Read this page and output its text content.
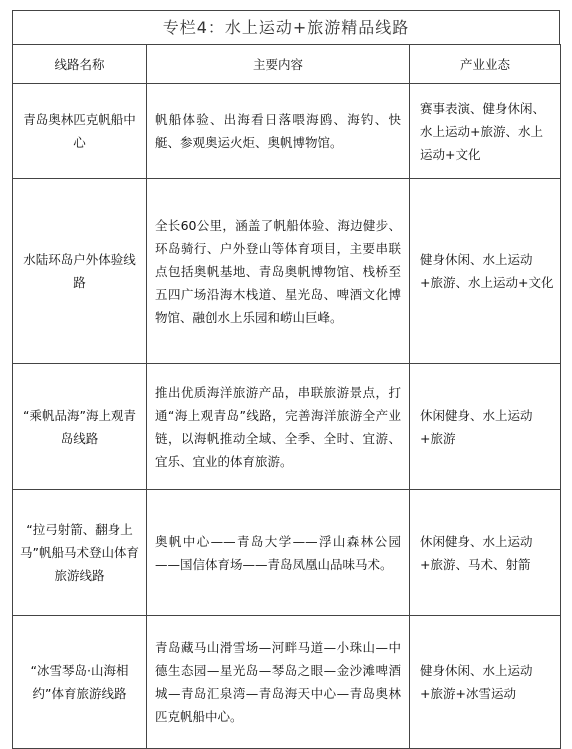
专栏4：水上运动+旅游精品线路
线路名称	主要内容	产业业态
青岛奥林匹克帆船中心	帆船体验、出海看日落喂海鸥、海钓、快艇、参观奥运火炬、奥帆博物馆。	赛事表演、健身休闲、水上运动+旅游、水上运动+文化
水陆环岛户外体验线路	全长60公里，涵盖了帆船体验、海边健步、环岛骑行、户外登山等体育项目，主要串联点包括奥帆基地、青岛奥帆博物馆、栈桥至五四广场沿海木栈道、星光岛、啤酒文化博物馆、融创水上乐园和崂山巨峰。	健身休闲、水上运动+旅游、水上运动+文化
“乘帆品海”海上观青岛线路	推出优质海洋旅游产品，串联旅游景点，打通“海上观青岛”线路，完善海洋旅游全产业链，以海帆推动全域、全季、全时、宜游、宜乐、宜业的体育旅游。	休闲健身、水上运动+旅游
“拉弓射箭、翻身上马”帆船马术登山体育旅游线路	奥帆中心——青岛大学——浮山森林公园——国信体育场——青岛凤凰山品味马术。	休闲健身、水上运动+旅游、马术、射箭
“冰雪琴岛·山海相约”体育旅游线路	青岛藏马山滑雪场—河畔马道—小珠山—中德生态园—星光岛—琴岛之眼—金沙滩啤酒城—青岛汇泉湾—青岛海天中心—青岛奥林匹克帆船中心。	健身休闲、水上运动+旅游+冰雪运动
